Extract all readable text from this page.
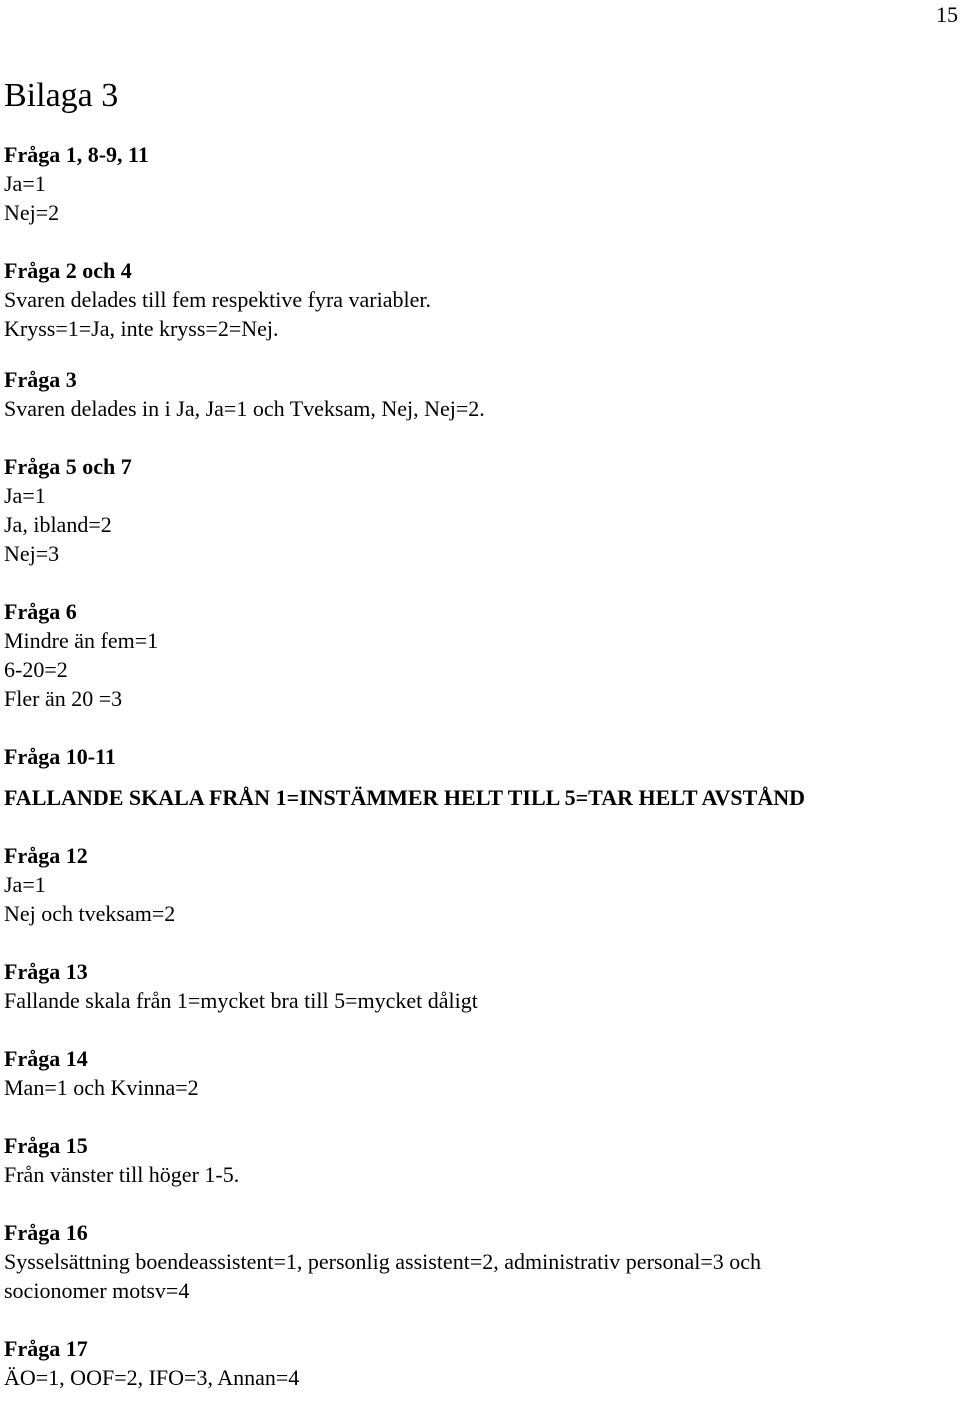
15
Bilaga 3
Fråga 1, 8-9, 11
Ja=1
Nej=2
Fråga 2 och 4
Svaren delades till fem respektive fyra variabler.
Kryss=1=Ja, inte kryss=2=Nej.
Fråga 3
Svaren delades in i Ja, Ja=1 och Tveksam, Nej, Nej=2.
Fråga 5 och 7
Ja=1
Ja, ibland=2
Nej=3
Fråga 6
Mindre än fem=1
6-20=2
Fler än 20 =3
Fråga 10-11
FALLANDE SKALA FRÅN 1=INSTÄMMER HELT TILL 5=TAR HELT AVSTÅND
Fråga 12
Ja=1
Nej och tveksam=2
Fråga 13
Fallande skala från 1=mycket bra till 5=mycket dåligt
Fråga 14
Man=1 och Kvinna=2
Fråga 15
Från vänster till höger 1-5.
Fråga 16
Sysselsättning boendeassistent=1, personlig assistent=2, administrativ personal=3 och
socionomer motsv=4
Fråga 17
ÄO=1, OOF=2, IFO=3, Annan=4
